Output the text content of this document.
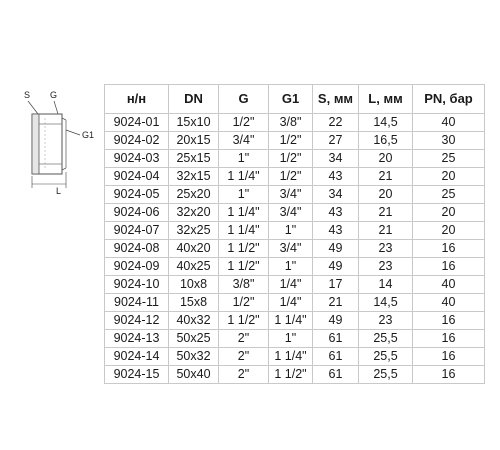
S G
G1
L
н/н	DN	G	G1	S, мм	L, мм	PN, бар
9024-01	15x10	1/2"	3/8"	22	14,5	40
9024-02	20x15	3/4"	1/2"	27	16,5	30
9024-03	25x15	1"	1/2"	34	20	25
9024-04	32x15	1 1/4"	1/2"	43	21	20
9024-05	25x20	1"	3/4"	34	20	25
9024-06	32x20	1 1/4"	3/4"	43	21	20
9024-07	32x25	1 1/4"	1"	43	21	20
9024-08	40x20	1 1/2"	3/4"	49	23	16
9024-09	40x25	1 1/2"	1"	49	23	16
9024-10	10x8	3/8"	1/4"	17	14	40
9024-11	15x8	1/2"	1/4"	21	14,5	40
9024-12	40x32	1 1/2"	1 1/4"	49	23	16
9024-13	50x25	2"	1"	61	25,5	16
9024-14	50x32	2"	1 1/4"	61	25,5	16
9024-15	50x40	2"	1 1/2"	61	25,5	16
